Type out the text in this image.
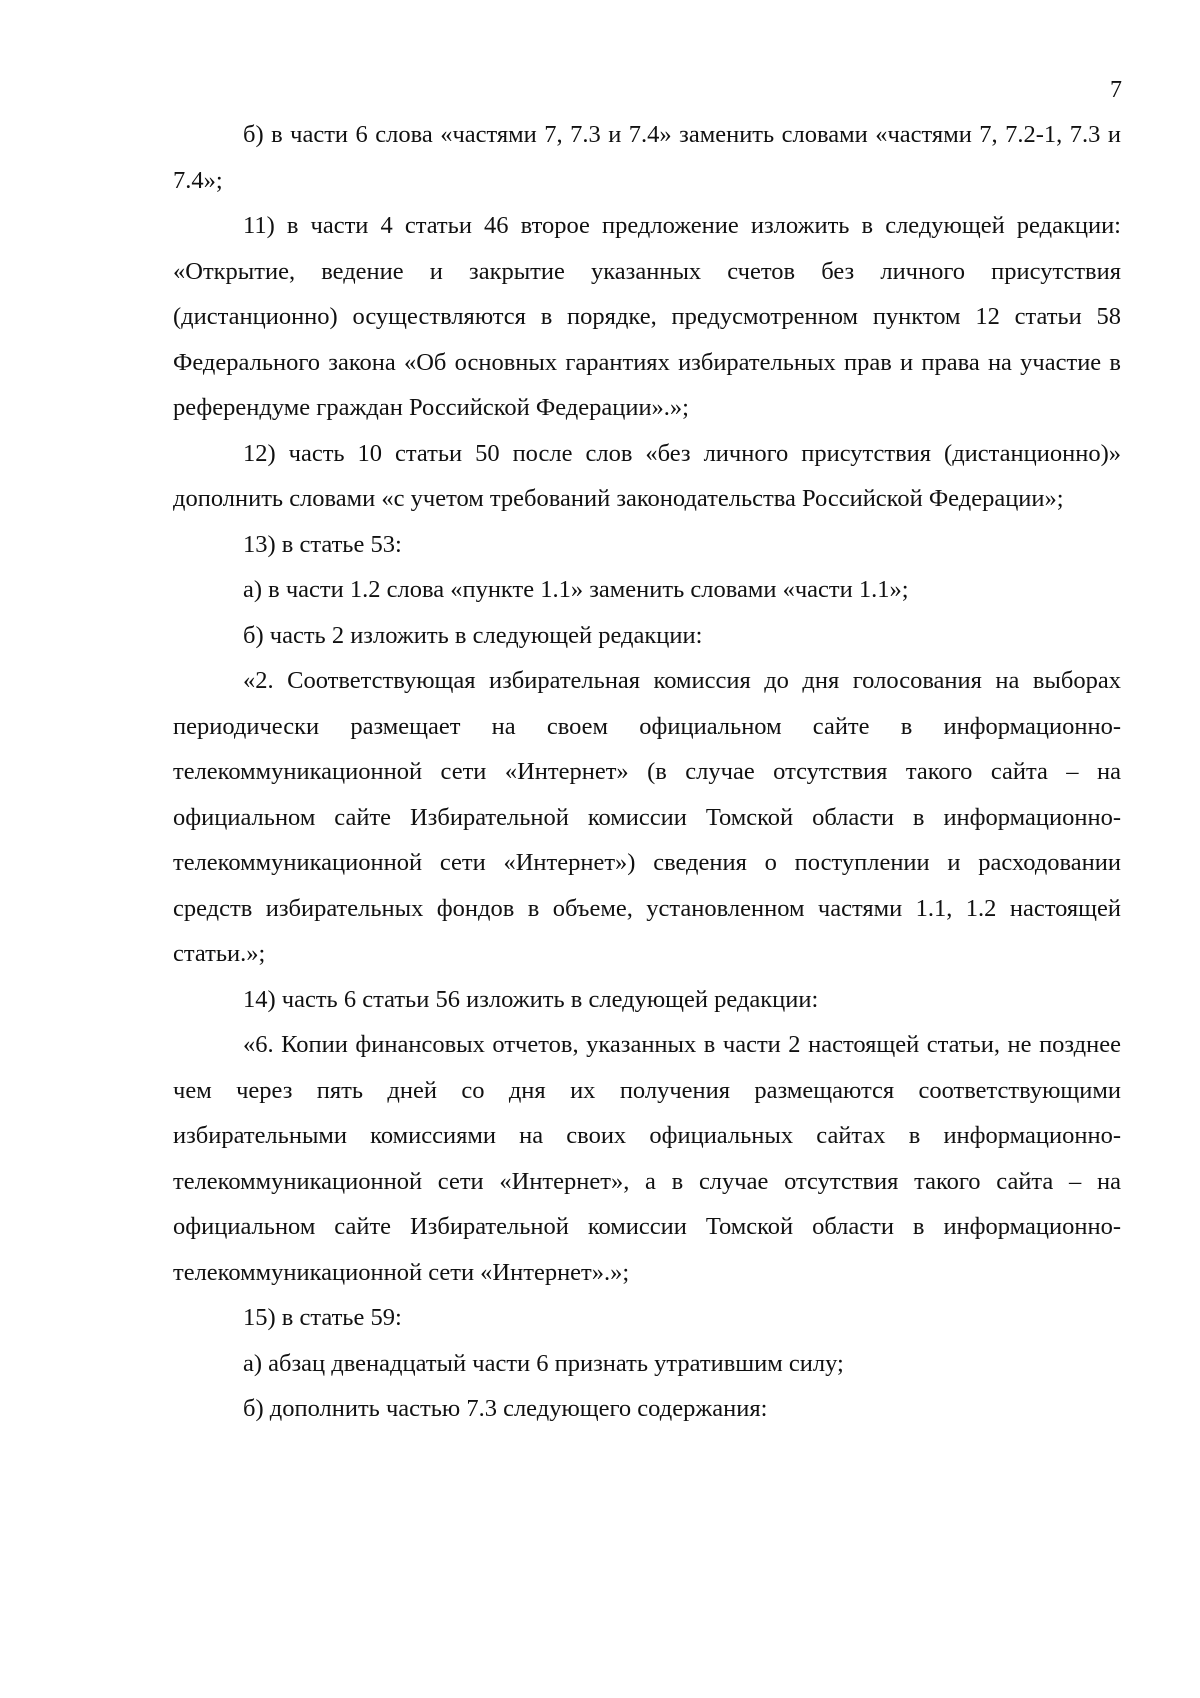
7

б) в части 6 слова «частями 7, 7.3 и 7.4» заменить словами «частями 7, 7.2-1, 7.3 и 7.4»;

11) в части 4 статьи 46 второе предложение изложить в следующей редакции: «Открытие, ведение и закрытие указанных счетов без личного присутствия (дистанционно) осуществляются в порядке, предусмотренном пунктом 12 статьи 58 Федерального закона «Об основных гарантиях избирательных прав и права на участие в референдуме граждан Российской Федерации».»;

12) часть 10 статьи 50 после слов «без личного присутствия (дистанционно)» дополнить словами «с учетом требований законодательства Российской Федерации»;

13) в статье 53:

а) в части 1.2 слова «пункте 1.1» заменить словами «части 1.1»;

б) часть 2 изложить в следующей редакции:

«2. Соответствующая избирательная комиссия до дня голосования на выборах периодически размещает на своем официальном сайте в информационно-телекоммуникационной сети «Интернет» (в случае отсутствия такого сайта – на официальном сайте Избирательной комиссии Томской области в информационно-телекоммуникационной сети «Интернет») сведения о поступлении и расходовании средств избирательных фондов в объеме, установленном частями 1.1, 1.2 настоящей статьи.»;

14) часть 6 статьи 56 изложить в следующей редакции:

«6. Копии финансовых отчетов, указанных в части 2 настоящей статьи, не позднее чем через пять дней со дня их получения размещаются соответствующими избирательными комиссиями на своих официальных сайтах в информационно-телекоммуникационной сети «Интернет», а в случае отсутствия такого сайта – на официальном сайте Избирательной комиссии Томской области в информационно-телекоммуникационной сети «Интернет».»;

15) в статье 59:

а) абзац двенадцатый части 6 признать утратившим силу;

б) дополнить частью 7.3 следующего содержания:
